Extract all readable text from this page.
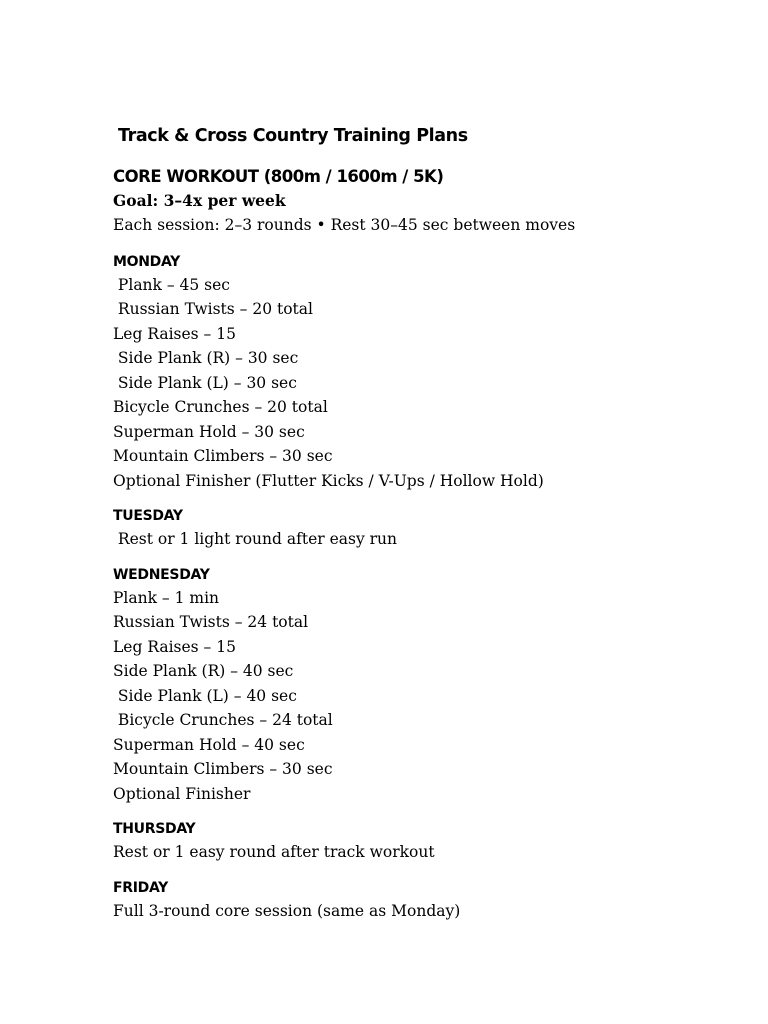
Track & Cross Country Training Plans
CORE WORKOUT (800m / 1600m / 5K)
Goal: 3–4x per week
Each session: 2–3 rounds • Rest 30–45 sec between moves
MONDAY
Plank – 45 sec
Russian Twists – 20 total
Leg Raises – 15
Side Plank (R) – 30 sec
Side Plank (L) – 30 sec
Bicycle Crunches – 20 total
Superman Hold – 30 sec
Mountain Climbers – 30 sec
Optional Finisher (Flutter Kicks / V-Ups / Hollow Hold)
TUESDAY
Rest or 1 light round after easy run
WEDNESDAY
Plank – 1 min
Russian Twists – 24 total
Leg Raises – 15
Side Plank (R) – 40 sec
Side Plank (L) – 40 sec
Bicycle Crunches – 24 total
Superman Hold – 40 sec
Mountain Climbers – 30 sec
Optional Finisher
THURSDAY
Rest or 1 easy round after track workout
FRIDAY
Full 3-round core session (same as Monday)
